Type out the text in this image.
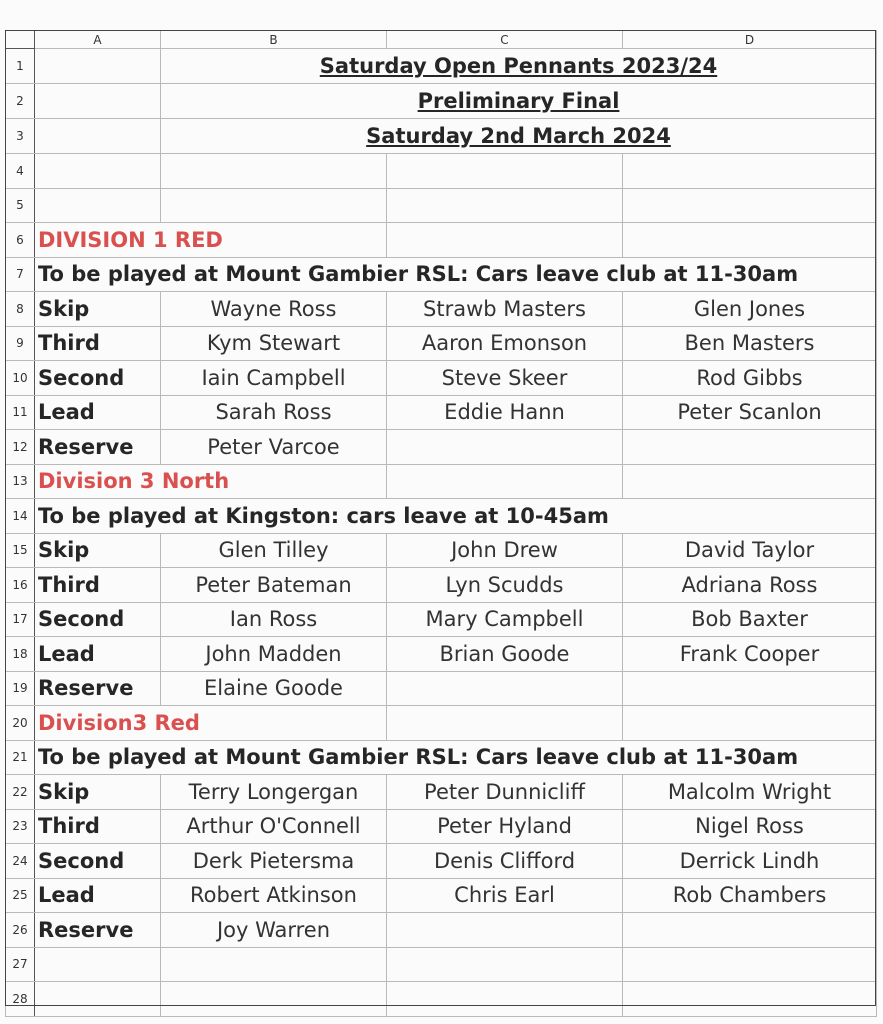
	A	B	C	D
1		Saturday Open Pennants 2023/24		
2		Preliminary Final		
3		Saturday 2nd March 2024		
4				
5				
6	DIVISION 1 RED			
7	To be played at Mount Gambier RSL: Cars leave club at 11-30am			
8	Skip	Wayne Ross	Strawb Masters	Glen Jones
9	Third	Kym Stewart	Aaron Emonson	Ben Masters
10	Second	Iain Campbell	Steve Skeer	Rod Gibbs
11	Lead	Sarah Ross	Eddie Hann	Peter Scanlon
12	Reserve	Peter Varcoe		
13	Division 3 North			
14	To be played at Kingston: cars leave at 10-45am			
15	Skip	Glen Tilley	John Drew	David Taylor
16	Third	Peter Bateman	Lyn Scudds	Adriana Ross
17	Second	Ian Ross	Mary Campbell	Bob Baxter
18	Lead	John Madden	Brian Goode	Frank Cooper
19	Reserve	Elaine Goode		
20	Division3 Red			
21	To be played at Mount Gambier RSL: Cars leave club at 11-30am			
22	Skip	Terry Longergan	Peter Dunnicliff	Malcolm Wright
23	Third	Arthur O'Connell	Peter Hyland	Nigel Ross
24	Second	Derk Pietersma	Denis Clifford	Derrick Lindh
25	Lead	Robert Atkinson	Chris Earl	Rob Chambers
26	Reserve	Joy Warren		
27				
28				
